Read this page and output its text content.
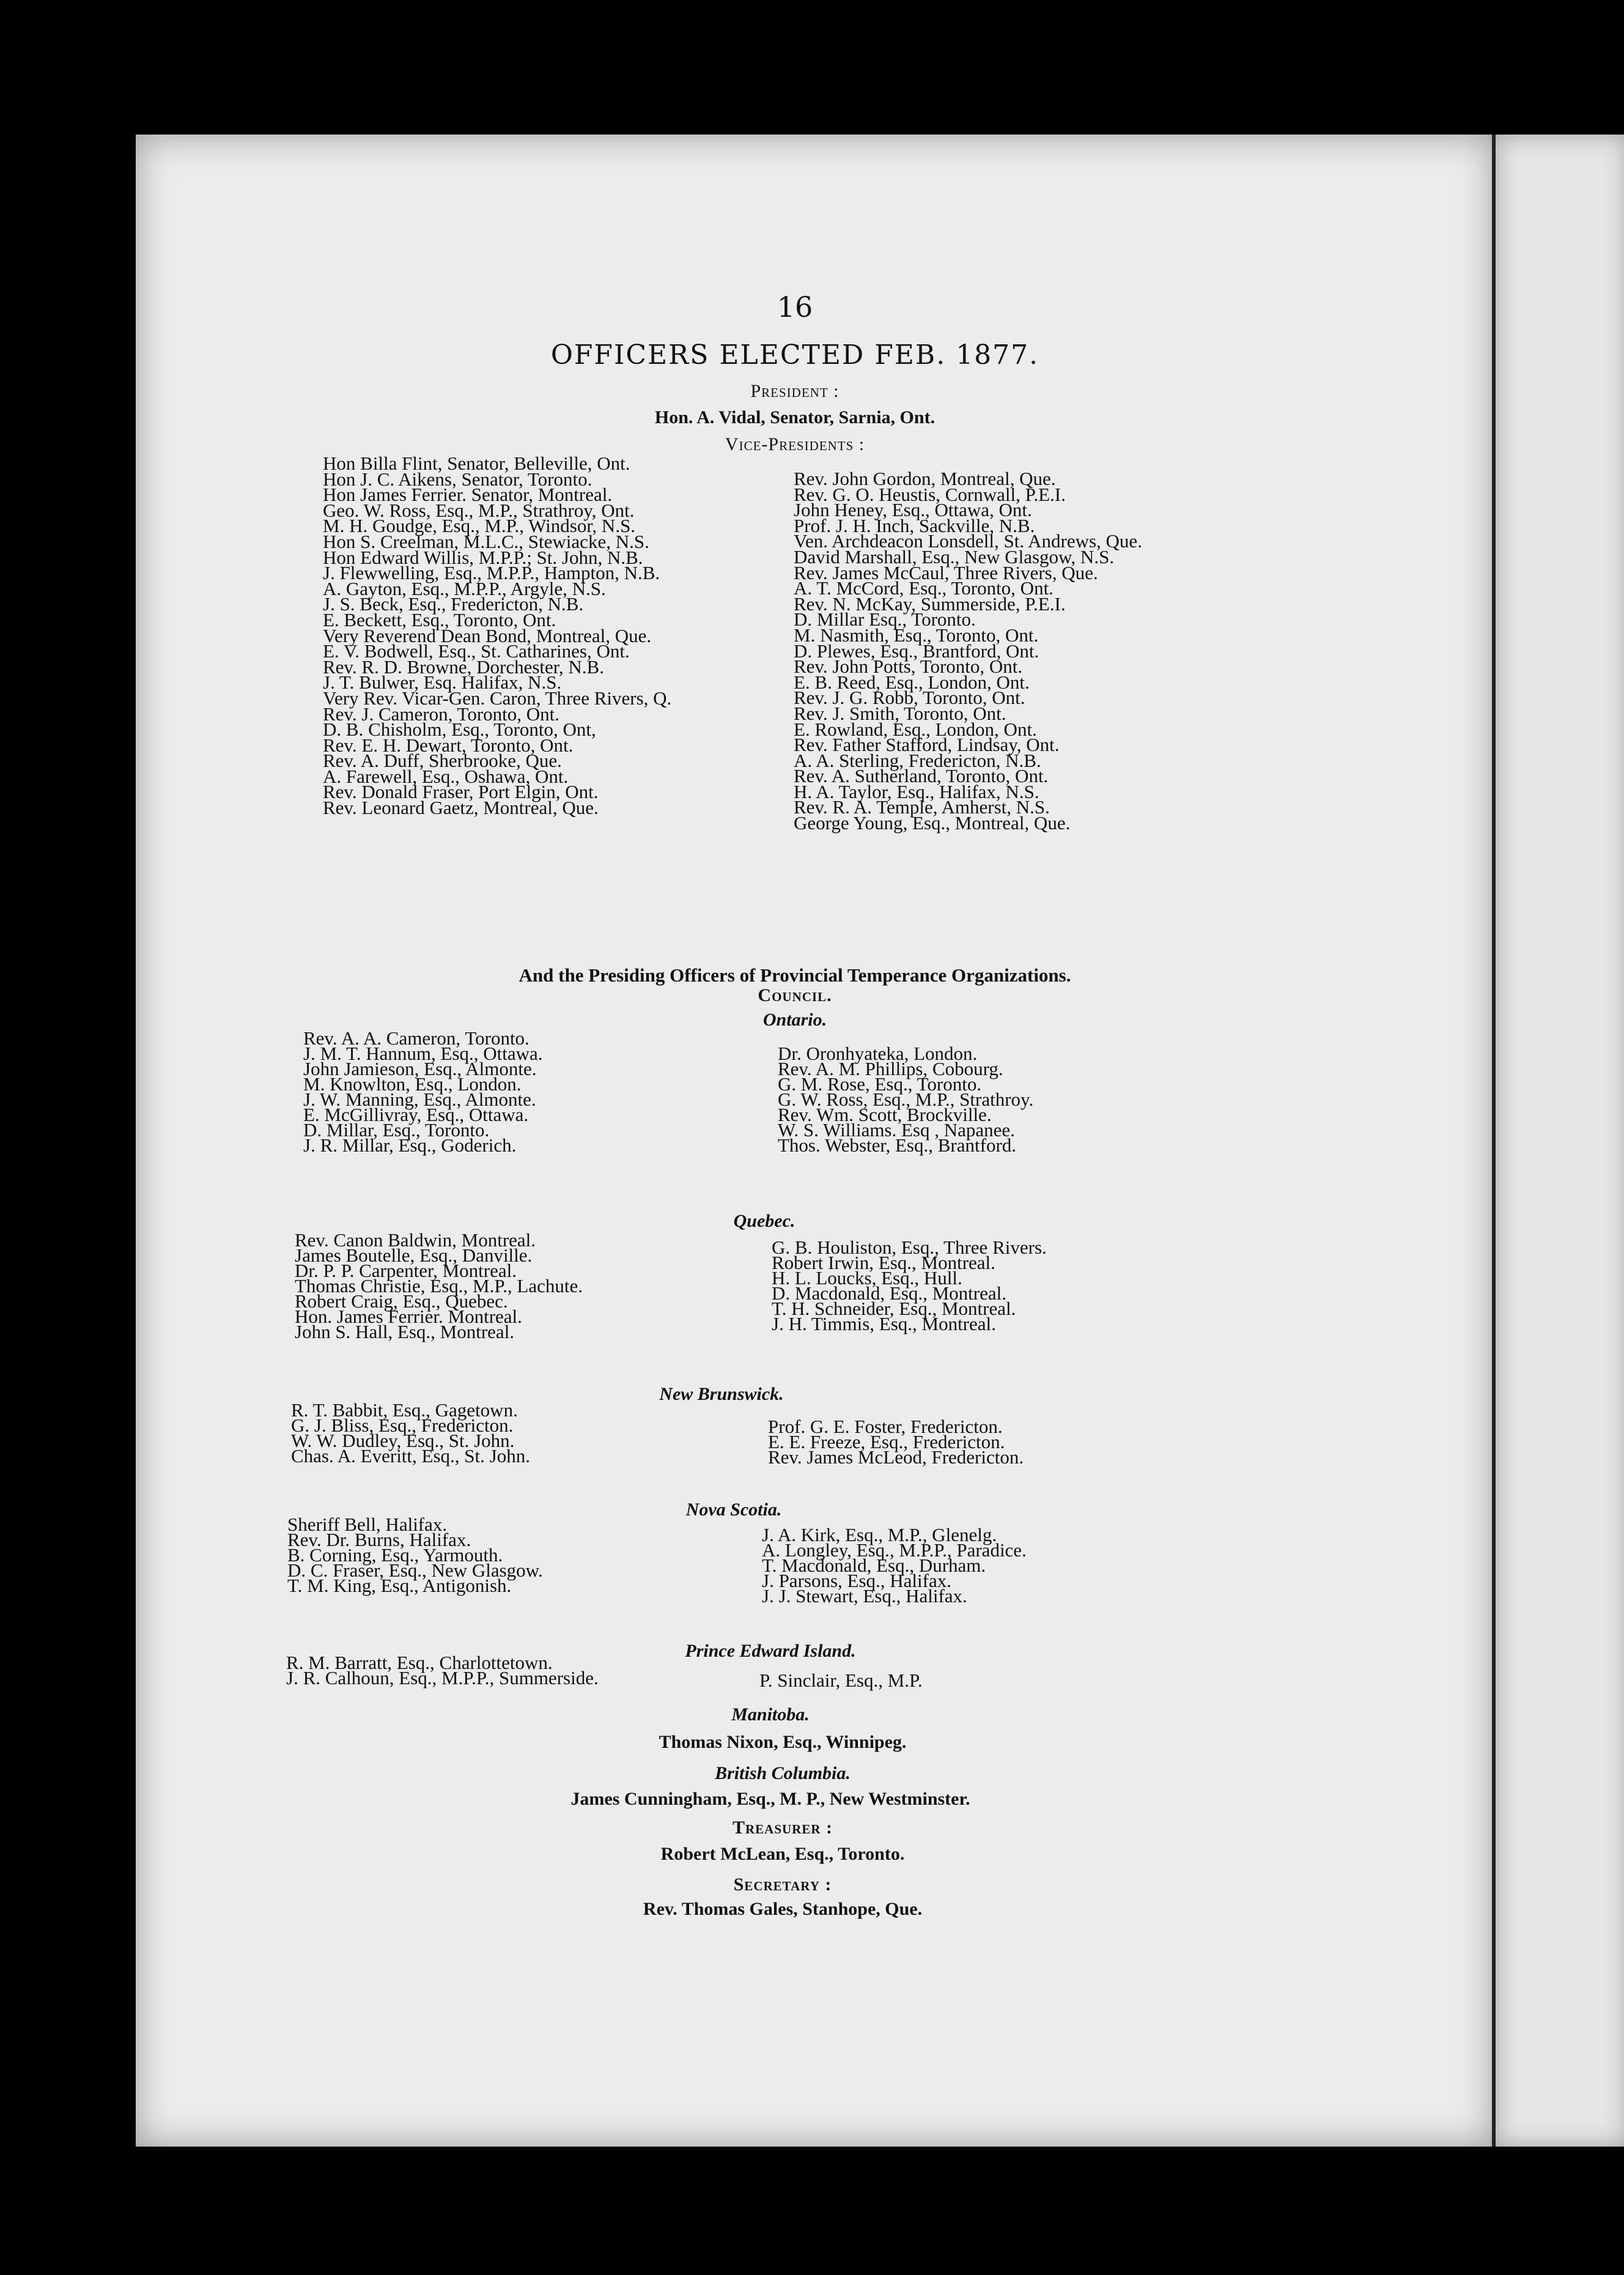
16
OFFICERS ELECTED FEB. 1877.
President :
Hon. A. Vidal, Senator, Sarnia, Ont.
Vice-Presidents :
Hon Billa Flint, Senator, Belleville, Ont.
Hon J. C. Aikens, Senator, Toronto.
Hon James Ferrier. Senator, Montreal.
Geo. W. Ross, Esq., M.P., Strathroy, Ont.
M. H. Goudge, Esq., M.P., Windsor, N.S.
Hon S. Creelman, M.L.C., Stewiacke, N.S.
Hon Edward Willis, M.P.P.; St. John, N.B.
J. Flewwelling, Esq., M.P.P., Hampton, N.B.
A. Gayton, Esq., M.P.P., Argyle, N.S.
J. S. Beck, Esq., Fredericton, N.B.
E. Beckett, Esq., Toronto, Ont.
Very Reverend Dean Bond, Montreal, Que.
E. V. Bodwell, Esq., St. Catharines, Ont.
Rev. R. D. Browne, Dorchester, N.B.
J. T. Bulwer, Esq. Halifax, N.S.
Very Rev. Vicar-Gen. Caron, Three Rivers, Q.
Rev. J. Cameron, Toronto, Ont.
D. B. Chisholm, Esq., Toronto, Ont,
Rev. E. H. Dewart, Toronto, Ont.
Rev. A. Duff, Sherbrooke, Que.
A. Farewell, Esq., Oshawa, Ont.
Rev. Donald Fraser, Port Elgin, Ont.
Rev. Leonard Gaetz, Montreal, Que.
Rev. John Gordon, Montreal, Que.
Rev. G. O. Heustis, Cornwall, P.E.I.
John Heney, Esq., Ottawa, Ont.
Prof. J. H. Inch, Sackville, N.B.
Ven. Archdeacon Lonsdell, St. Andrews, Que.
David Marshall, Esq., New Glasgow, N.S.
Rev. James McCaul, Three Rivers, Que.
A. T. McCord, Esq., Toronto, Ont.
Rev. N. McKay, Summerside, P.E.I.
D. Millar Esq., Toronto.
M. Nasmith, Esq., Toronto, Ont.
D. Plewes, Esq., Brantford, Ont.
Rev. John Potts, Toronto, Ont.
E. B. Reed, Esq., London, Ont.
Rev. J. G. Robb, Toronto, Ont.
Rev. J. Smith, Toronto, Ont.
E. Rowland, Esq., London, Ont.
Rev. Father Stafford, Lindsay, Ont.
A. A. Sterling, Fredericton, N.B.
Rev. A. Sutherland, Toronto, Ont.
H. A. Taylor, Esq., Halifax, N.S.
Rev. R. A. Temple, Amherst, N.S.
George Young, Esq., Montreal, Que.
And the Presiding Officers of Provincial Temperance Organizations.
Council.
Ontario.
Rev. A. A. Cameron, Toronto.
J. M. T. Hannum, Esq., Ottawa.
John Jamieson, Esq., Almonte.
M. Knowlton, Esq., London.
J. W. Manning, Esq., Almonte.
E. McGillivray, Esq., Ottawa.
D. Millar, Esq., Toronto.
J. R. Millar, Esq., Goderich.
Dr. Oronhyateka, London.
Rev. A. M. Phillips, Cobourg.
G. M. Rose, Esq., Toronto.
G. W. Ross, Esq., M.P., Strathroy.
Rev. Wm. Scott, Brockville.
W. S. Williams. Esq , Napanee.
Thos. Webster, Esq., Brantford.
Quebec.
Rev. Canon Baldwin, Montreal.
James Boutelle, Esq., Danville.
Dr. P. P. Carpenter, Montreal.
Thomas Christie, Esq., M.P., Lachute.
Robert Craig, Esq., Quebec.
Hon. James Ferrier. Montreal.
John S. Hall, Esq., Montreal.
G. B. Houliston, Esq., Three Rivers.
Robert Irwin, Esq., Montreal.
H. L. Loucks, Esq., Hull.
D. Macdonald, Esq., Montreal.
T. H. Schneider, Esq., Montreal.
J. H. Timmis, Esq., Montreal.
New Brunswick.
R. T. Babbit, Esq., Gagetown.
G. J. Bliss, Esq., Fredericton.
W. W. Dudley, Esq., St. John.
Chas. A. Everitt, Esq., St. John.
Prof. G. E. Foster, Fredericton.
E. E. Freeze, Esq., Fredericton.
Rev. James McLeod, Fredericton.
Nova Scotia.
Sheriff Bell, Halifax.
Rev. Dr. Burns, Halifax.
B. Corning, Esq., Yarmouth.
D. C. Fraser, Esq., New Glasgow.
T. M. King, Esq., Antigonish.
J. A. Kirk, Esq., M.P., Glenelg.
A. Longley, Esq., M.P.P., Paradice.
T. Macdonald, Esq., Durham.
J. Parsons, Esq., Halifax.
J. J. Stewart, Esq., Halifax.
Prince Edward Island.
R. M. Barratt, Esq., Charlottetown.
J. R. Calhoun, Esq., M.P.P., Summerside.	P. Sinclair, Esq., M.P.
Manitoba.
Thomas Nixon, Esq., Winnipeg.
British Columbia.
James Cunningham, Esq., M. P., New Westminster.
Treasurer :
Robert McLean, Esq., Toronto.
Secretary :
Rev. Thomas Gales, Stanhope, Que.
